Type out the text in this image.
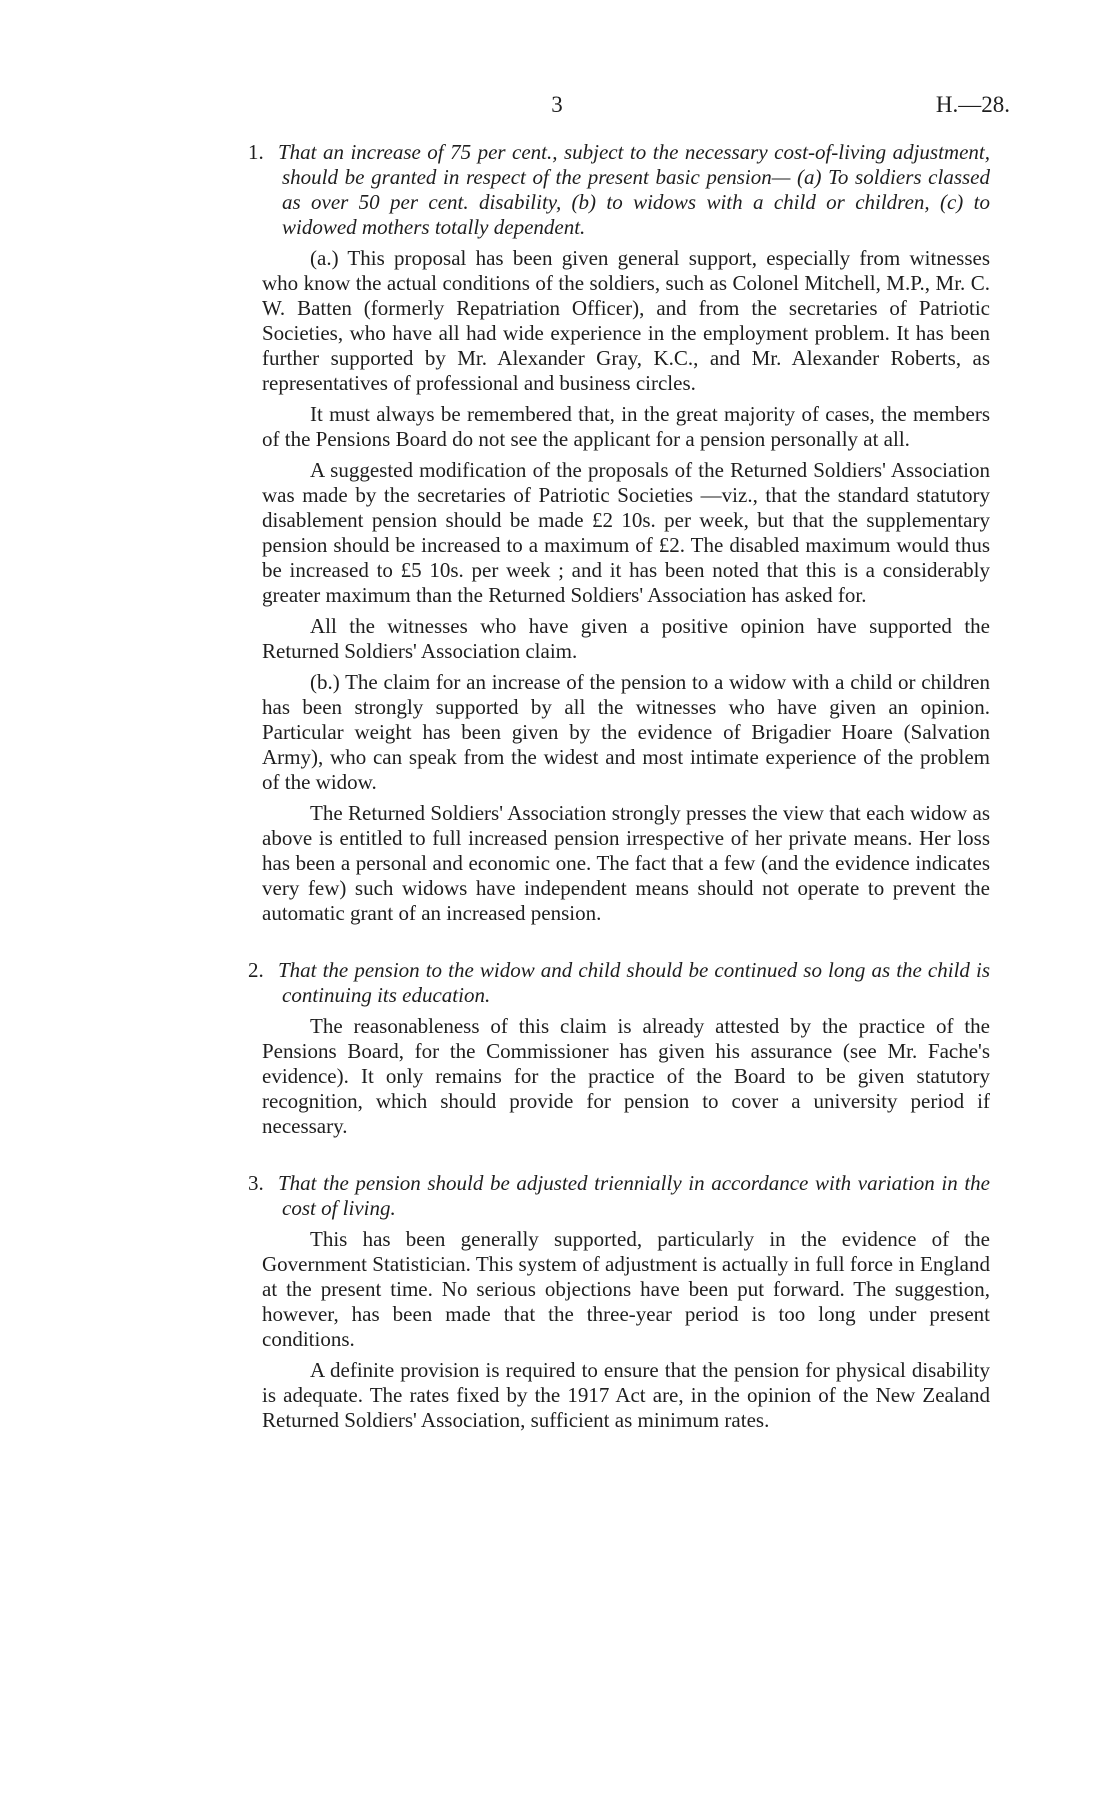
3	H.—28.

1. That an increase of 75 per cent., subject to the necessary cost-of-living adjustment, should be granted in respect of the present basic pension— (a) To soldiers classed as over 50 per cent. disability, (b) to widows with a child or children, (c) to widowed mothers totally dependent.

(a.) This proposal has been given general support, especially from witnesses who know the actual conditions of the soldiers, such as Colonel Mitchell, M.P., Mr. C. W. Batten (formerly Repatriation Officer), and from the secretaries of Patriotic Societies, who have all had wide experience in the employment problem. It has been further supported by Mr. Alexander Gray, K.C., and Mr. Alexander Roberts, as representatives of professional and business circles.

It must always be remembered that, in the great majority of cases, the members of the Pensions Board do not see the applicant for a pension personally at all.

A suggested modification of the proposals of the Returned Soldiers' Association was made by the secretaries of Patriotic Societies —viz., that the standard statutory disablement pension should be made £2 10s. per week, but that the supplementary pension should be increased to a maximum of £2. The disabled maximum would thus be increased to £5 10s. per week ; and it has been noted that this is a considerably greater maximum than the Returned Soldiers' Association has asked for.

All the witnesses who have given a positive opinion have supported the Returned Soldiers' Association claim.

(b.) The claim for an increase of the pension to a widow with a child or children has been strongly supported by all the witnesses who have given an opinion. Particular weight has been given by the evidence of Brigadier Hoare (Salvation Army), who can speak from the widest and most intimate experience of the problem of the widow.

The Returned Soldiers' Association strongly presses the view that each widow as above is entitled to full increased pension irrespective of her private means. Her loss has been a personal and economic one. The fact that a few (and the evidence indicates very few) such widows have independent means should not operate to prevent the automatic grant of an increased pension.

2. That the pension to the widow and child should be continued so long as the child is continuing its education.

The reasonableness of this claim is already attested by the practice of the Pensions Board, for the Commissioner has given his assurance (see Mr. Fache's evidence). It only remains for the practice of the Board to be given statutory recognition, which should provide for pension to cover a university period if necessary.

3. That the pension should be adjusted triennially in accordance with variation in the cost of living.

This has been generally supported, particularly in the evidence of the Government Statistician. This system of adjustment is actually in full force in England at the present time. No serious objections have been put forward. The suggestion, however, has been made that the three-year period is too long under present conditions.

A definite provision is required to ensure that the pension for physical disability is adequate. The rates fixed by the 1917 Act are, in the opinion of the New Zealand Returned Soldiers' Association, sufficient as minimum rates.
